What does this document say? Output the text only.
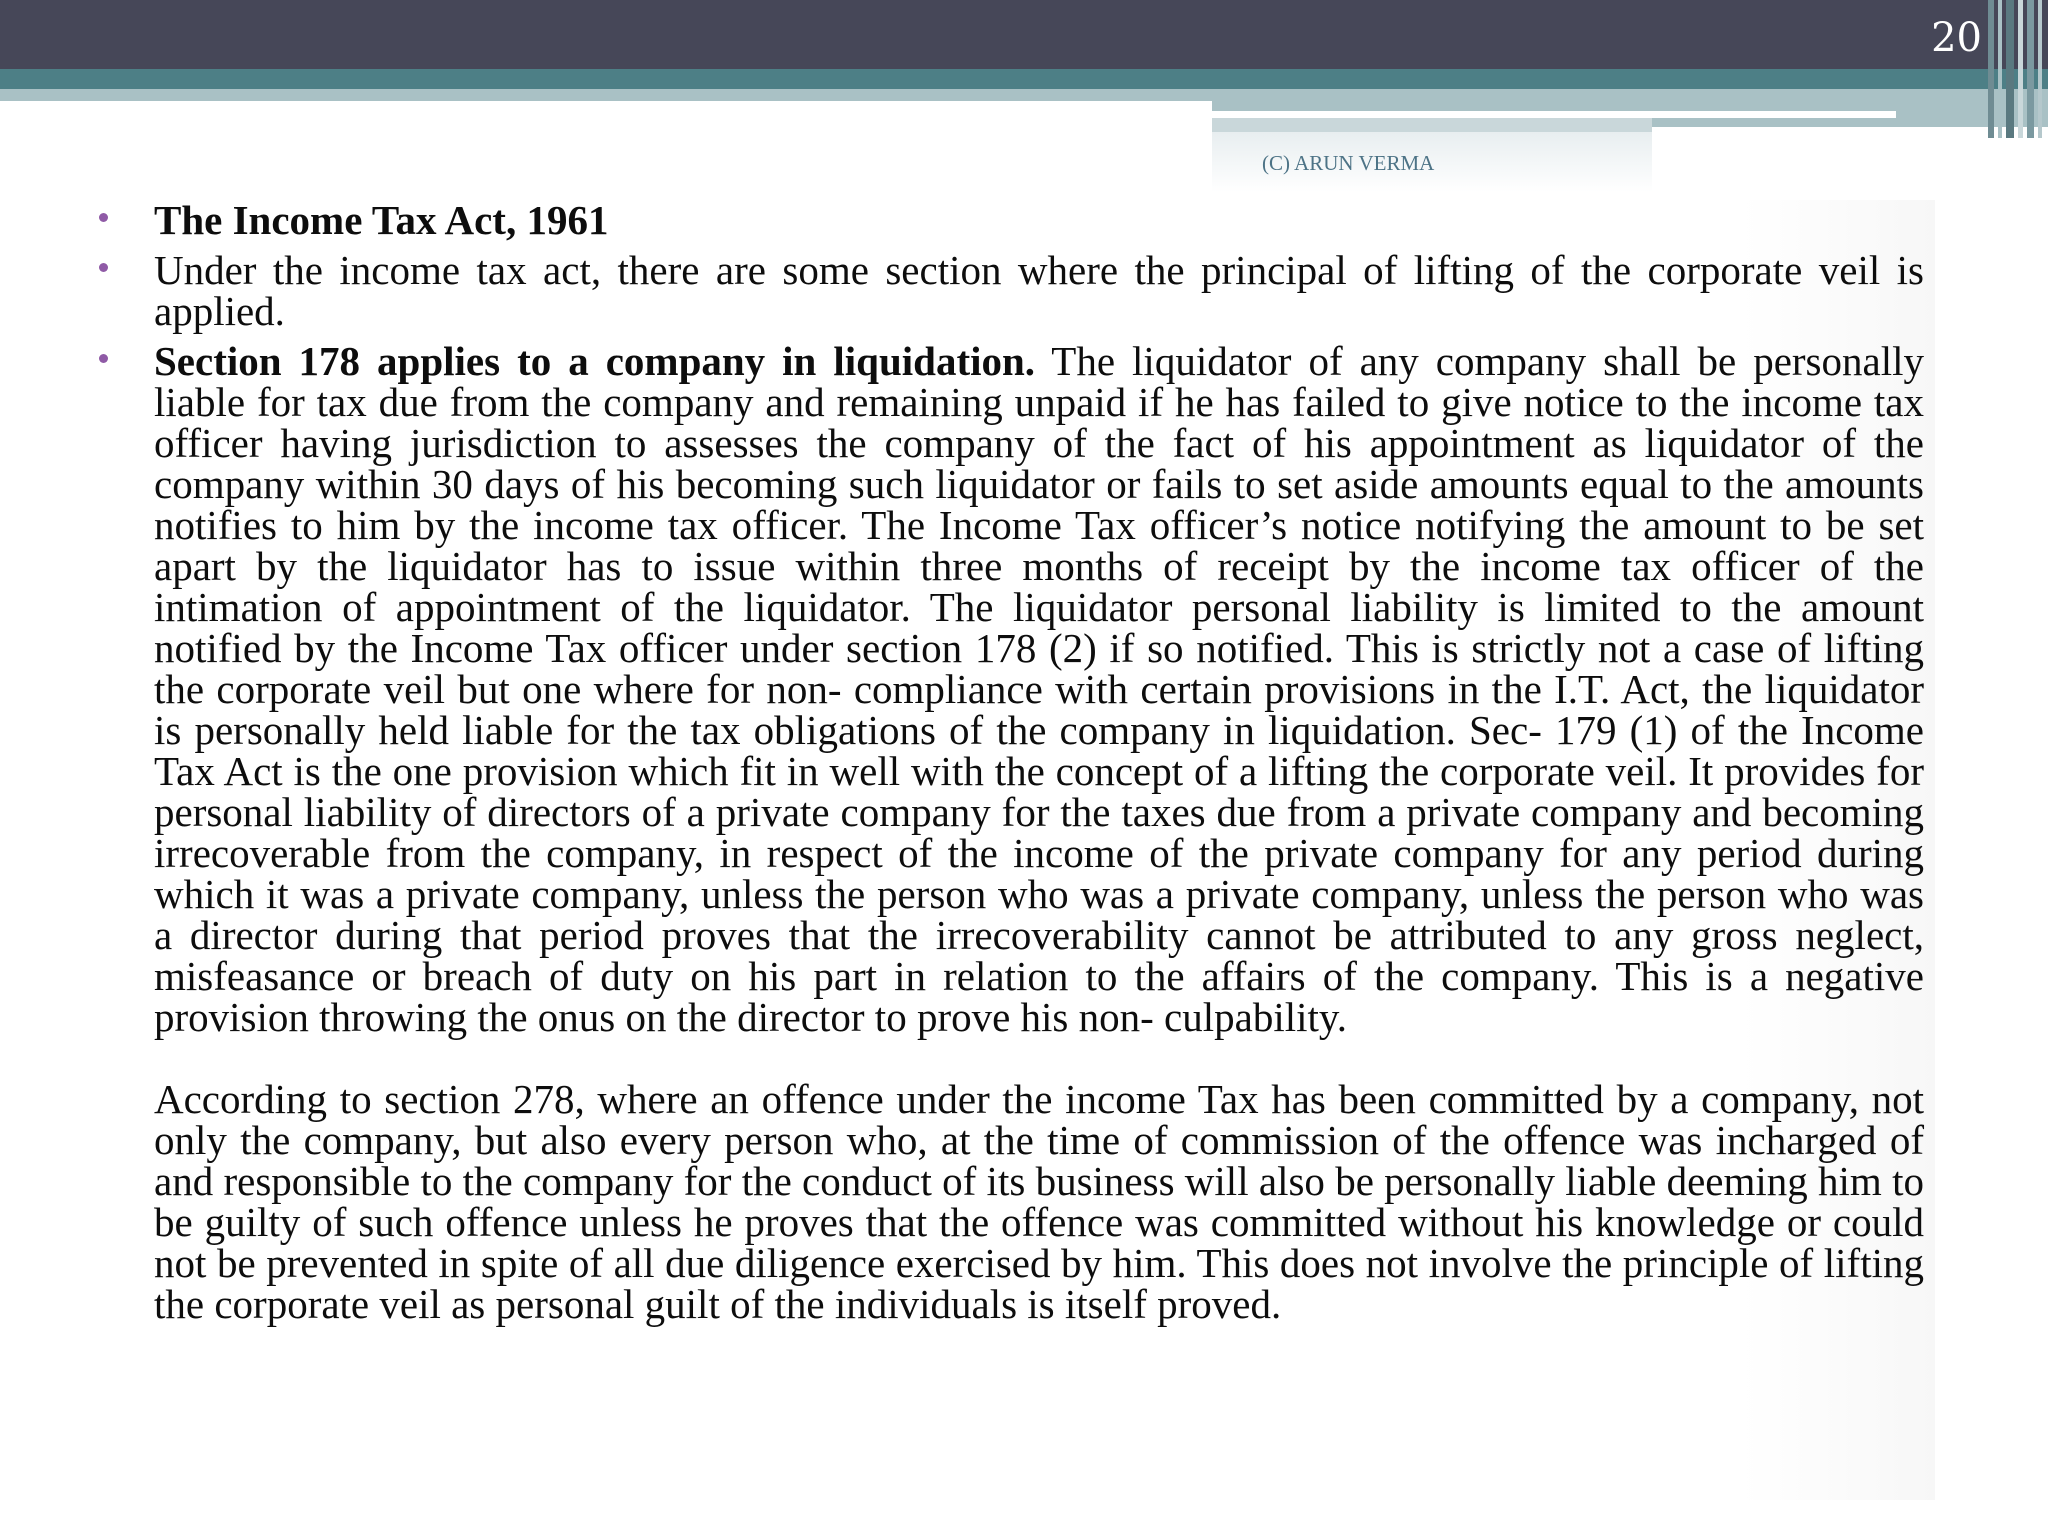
20
(C) ARUN VERMA
The Income Tax Act, 1961
Under the income tax act, there are some section where the principal of lifting of the corporate veil is applied.
Section 178 applies to a company in liquidation. The liquidator of any company shall be personally liable for tax due from the company and remaining unpaid if he has failed to give notice to the income tax officer having jurisdiction to assesses the company of the fact of his appointment as liquidator of the company within 30 days of his becoming such liquidator or fails to set aside amounts equal to the amounts notifies to him by the income tax officer. The Income Tax officer’s notice notifying the amount to be set apart by the liquidator has to issue within three months of receipt by the income tax officer of the intimation of appointment of the liquidator. The liquidator personal liability is limited to the amount notified by the Income Tax officer under section 178 (2) if so notified. This is strictly not a case of lifting the corporate veil but one where for non- compliance with certain provisions in the I.T. Act, the liquidator is personally held liable for the tax obligations of the company in liquidation. Sec- 179 (1) of the Income Tax Act is the one provision which fit in well with the concept of a lifting the corporate veil. It provides for personal liability of directors of a private company for the taxes due from a private company and becoming irrecoverable from the company, in respect of the income of the private company for any period during which it was a private company, unless the person who was a private company, unless the person who was a director during that period proves that the irrecoverability cannot be attributed to any gross neglect, misfeasance or breach of duty on his part in relation to the affairs of the company. This is a negative provision throwing the onus on the director to prove his non- culpability.
According to section 278, where an offence under the income Tax has been committed by a company, not only the company, but also every person who, at the time of commission of the offence was incharged of and responsible to the company for the conduct of its business will also be personally liable deeming him to be guilty of such offence unless he proves that the offence was committed without his knowledge or could not be prevented in spite of all due diligence exercised by him. This does not involve the principle of lifting the corporate veil as personal guilt of the individuals is itself proved.
